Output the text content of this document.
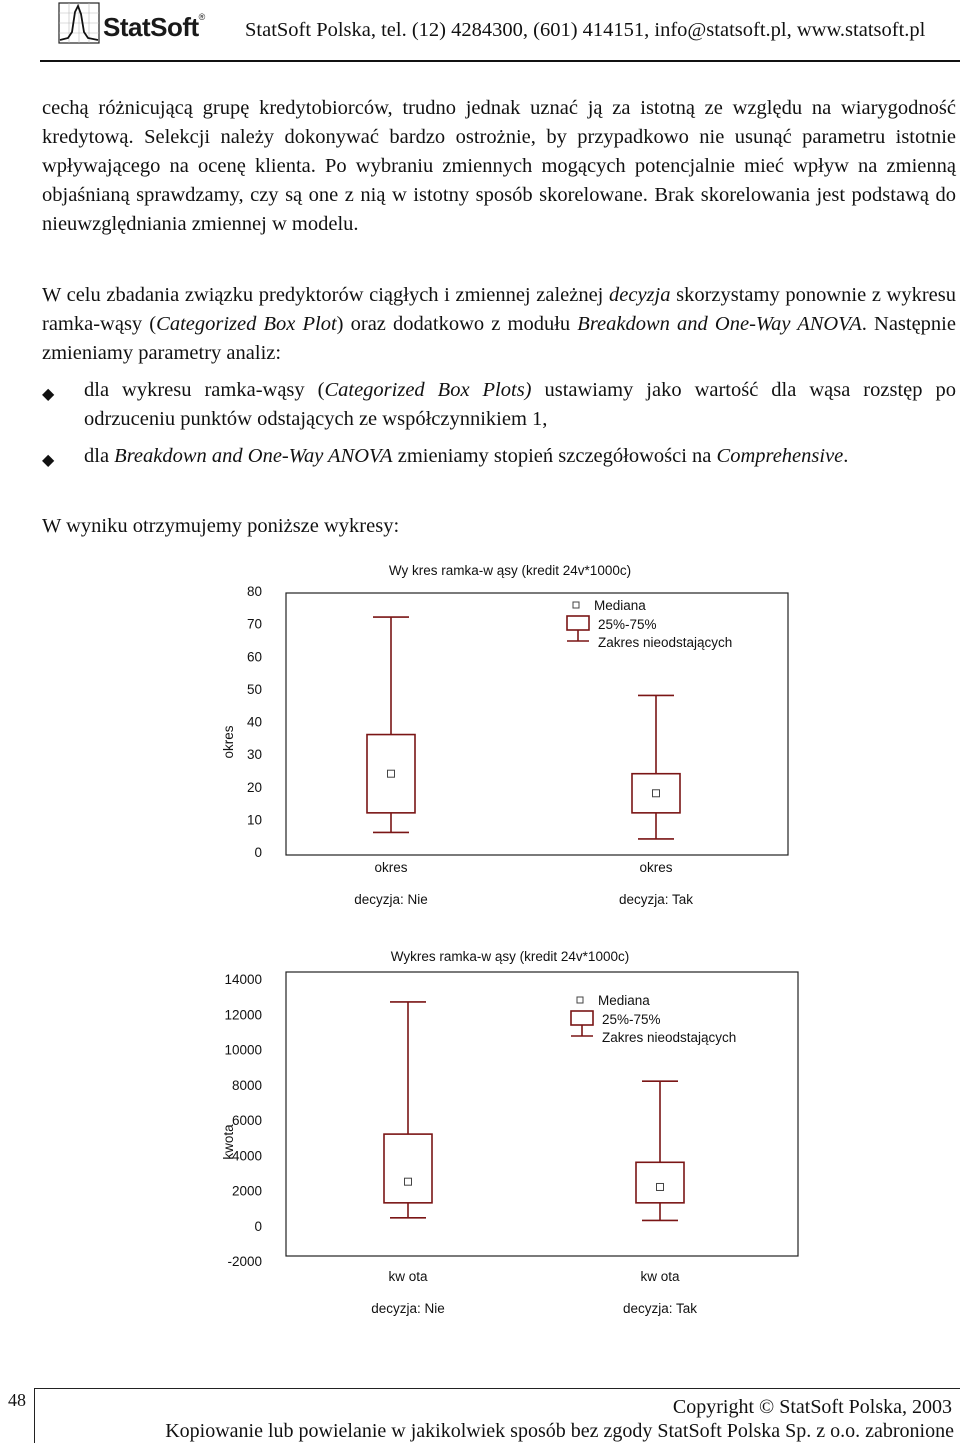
StatSoft®
StatSoft Polska, tel. (12) 4284300, (601) 414151, info@statsoft.pl, www.statsoft.pl

cechą różnicującą grupę kredytobiorców, trudno jednak uznać ją za istotną ze względu na wiarygodność kredytową. Selekcji należy dokonywać bardzo ostrożnie, by przypadkowo nie usunąć parametru istotnie wpływającego na ocenę klienta. Po wybraniu zmiennych mogących potencjalnie mieć wpływ na zmienną objaśnianą sprawdzamy, czy są one z nią w istotny sposób skorelowane. Brak skorelowania jest podstawą do nieuwzględniania zmiennej w modelu.

W celu zbadania związku predyktorów ciągłych i zmiennej zależnej decyzja skorzystamy ponownie z wykresu ramka-wąsy (Categorized Box Plot) oraz dodatkowo z modułu Breakdown and One-Way ANOVA. Następnie zmieniamy parametry analiz:

◆ dla wykresu ramka-wąsy (Categorized Box Plots) ustawiamy jako wartość dla wąsa rozstęp po odrzuceniu punktów odstających ze współczynnikiem 1,
◆ dla Breakdown and One-Way ANOVA zmieniamy stopień szczegółowości na Comprehensive.

W wyniku otrzymujemy poniższe wykresy:

Wy kres ramka-w ąsy (kredit 24v*1000c)
okres
80
70
60
50
40
30
20
10
0
okres
decyzja: Nie
okres
decyzja: Tak
Mediana
25%-75%
Zakres nieodstających
Wykres ramka-w ąsy (kredit 24v*1000c)
kwota
14000
12000
10000
8000
6000
4000
2000
0
-2000
kw ota
decyzja: Nie
kw ota
decyzja: Tak
Mediana
25%-75%
Zakres nieodstających
48	Copyright © StatSoft Polska, 2003
Kopiowanie lub powielanie w jakikolwiek sposób bez zgody StatSoft Polska Sp. z o.o. zabronione
